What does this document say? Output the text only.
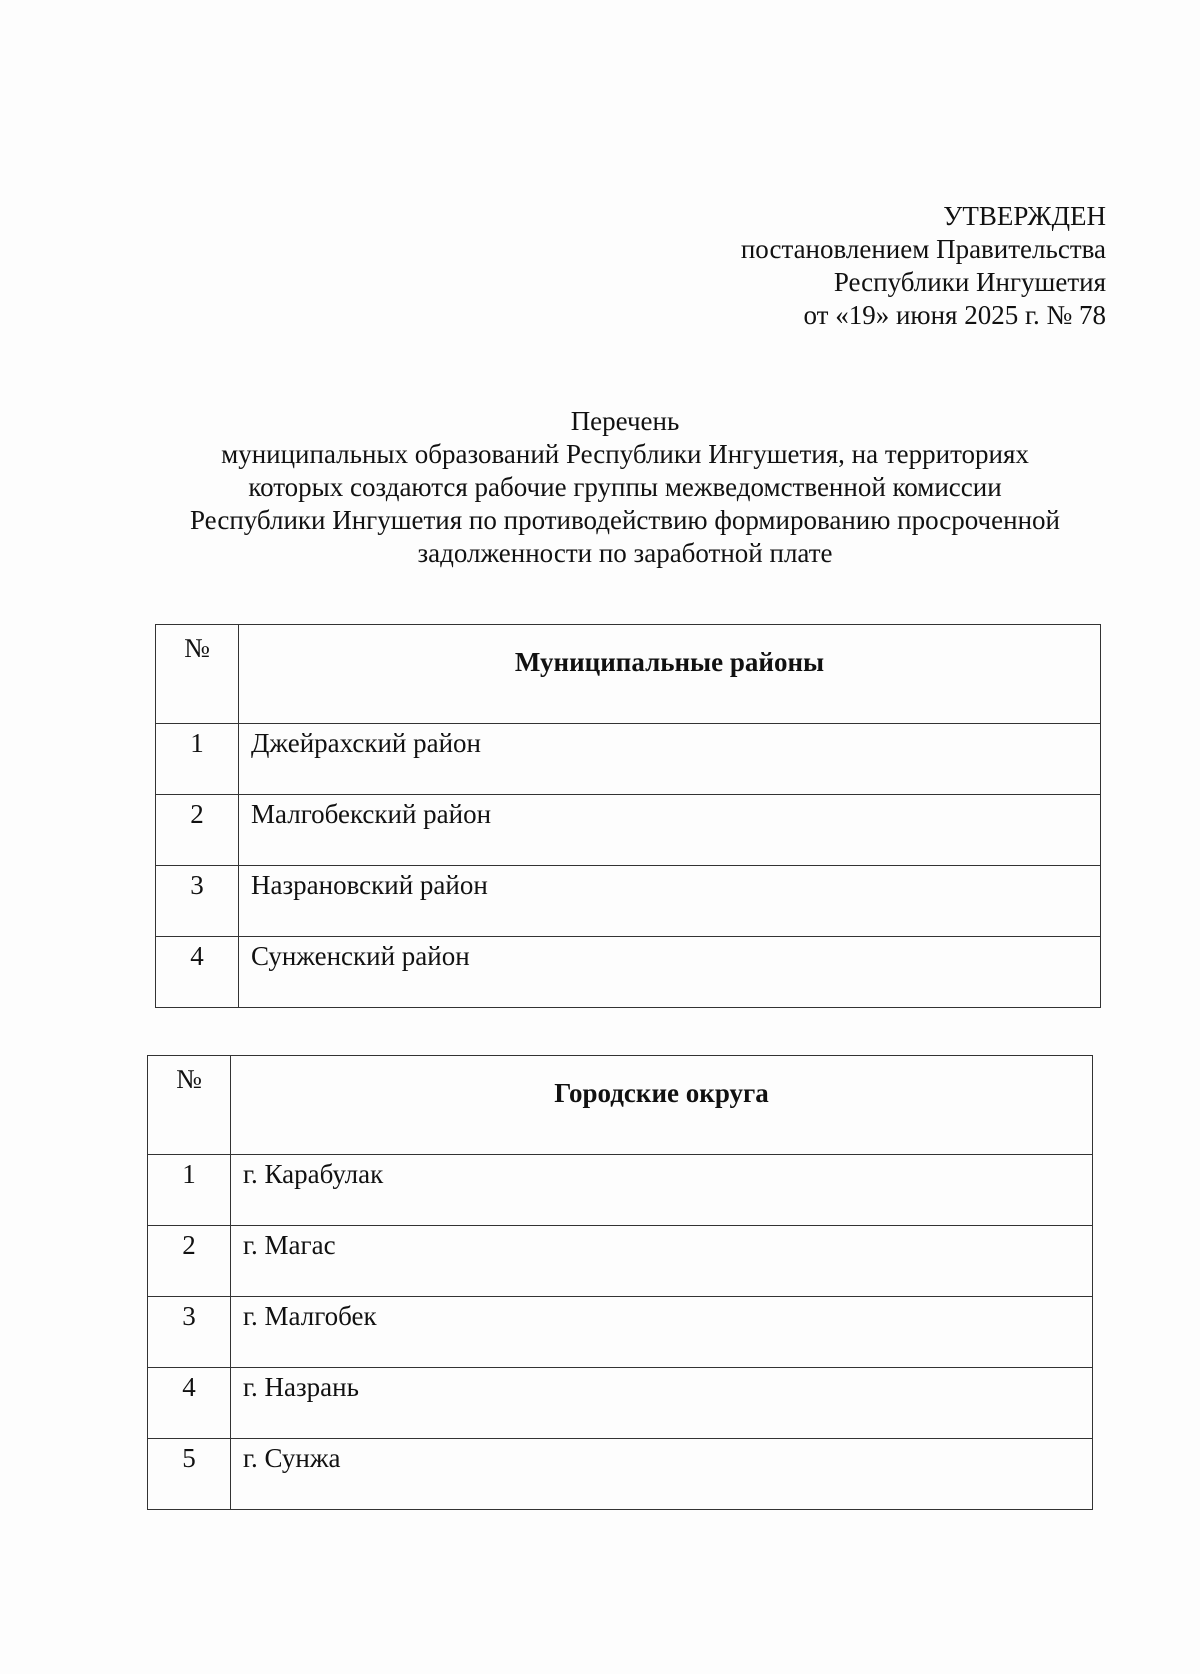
УТВЕРЖДЕН
постановлением Правительства
Республики Ингушетия
от «19» июня 2025 г. № 78
Перечень
муниципальных образований Республики Ингушетия, на территориях
которых создаются рабочие группы межведомственной комиссии
Республики Ингушетия по противодействию формированию просроченной
задолженности по заработной плате
№	Муниципальные районы
1	Джейрахский район
2	Малгобекский район
3	Назрановский район
4	Сунженский район
№	Городские округа
1	г. Карабулак
2	г. Магас
3	г. Малгобек
4	г. Назрань
5	г. Сунжа
